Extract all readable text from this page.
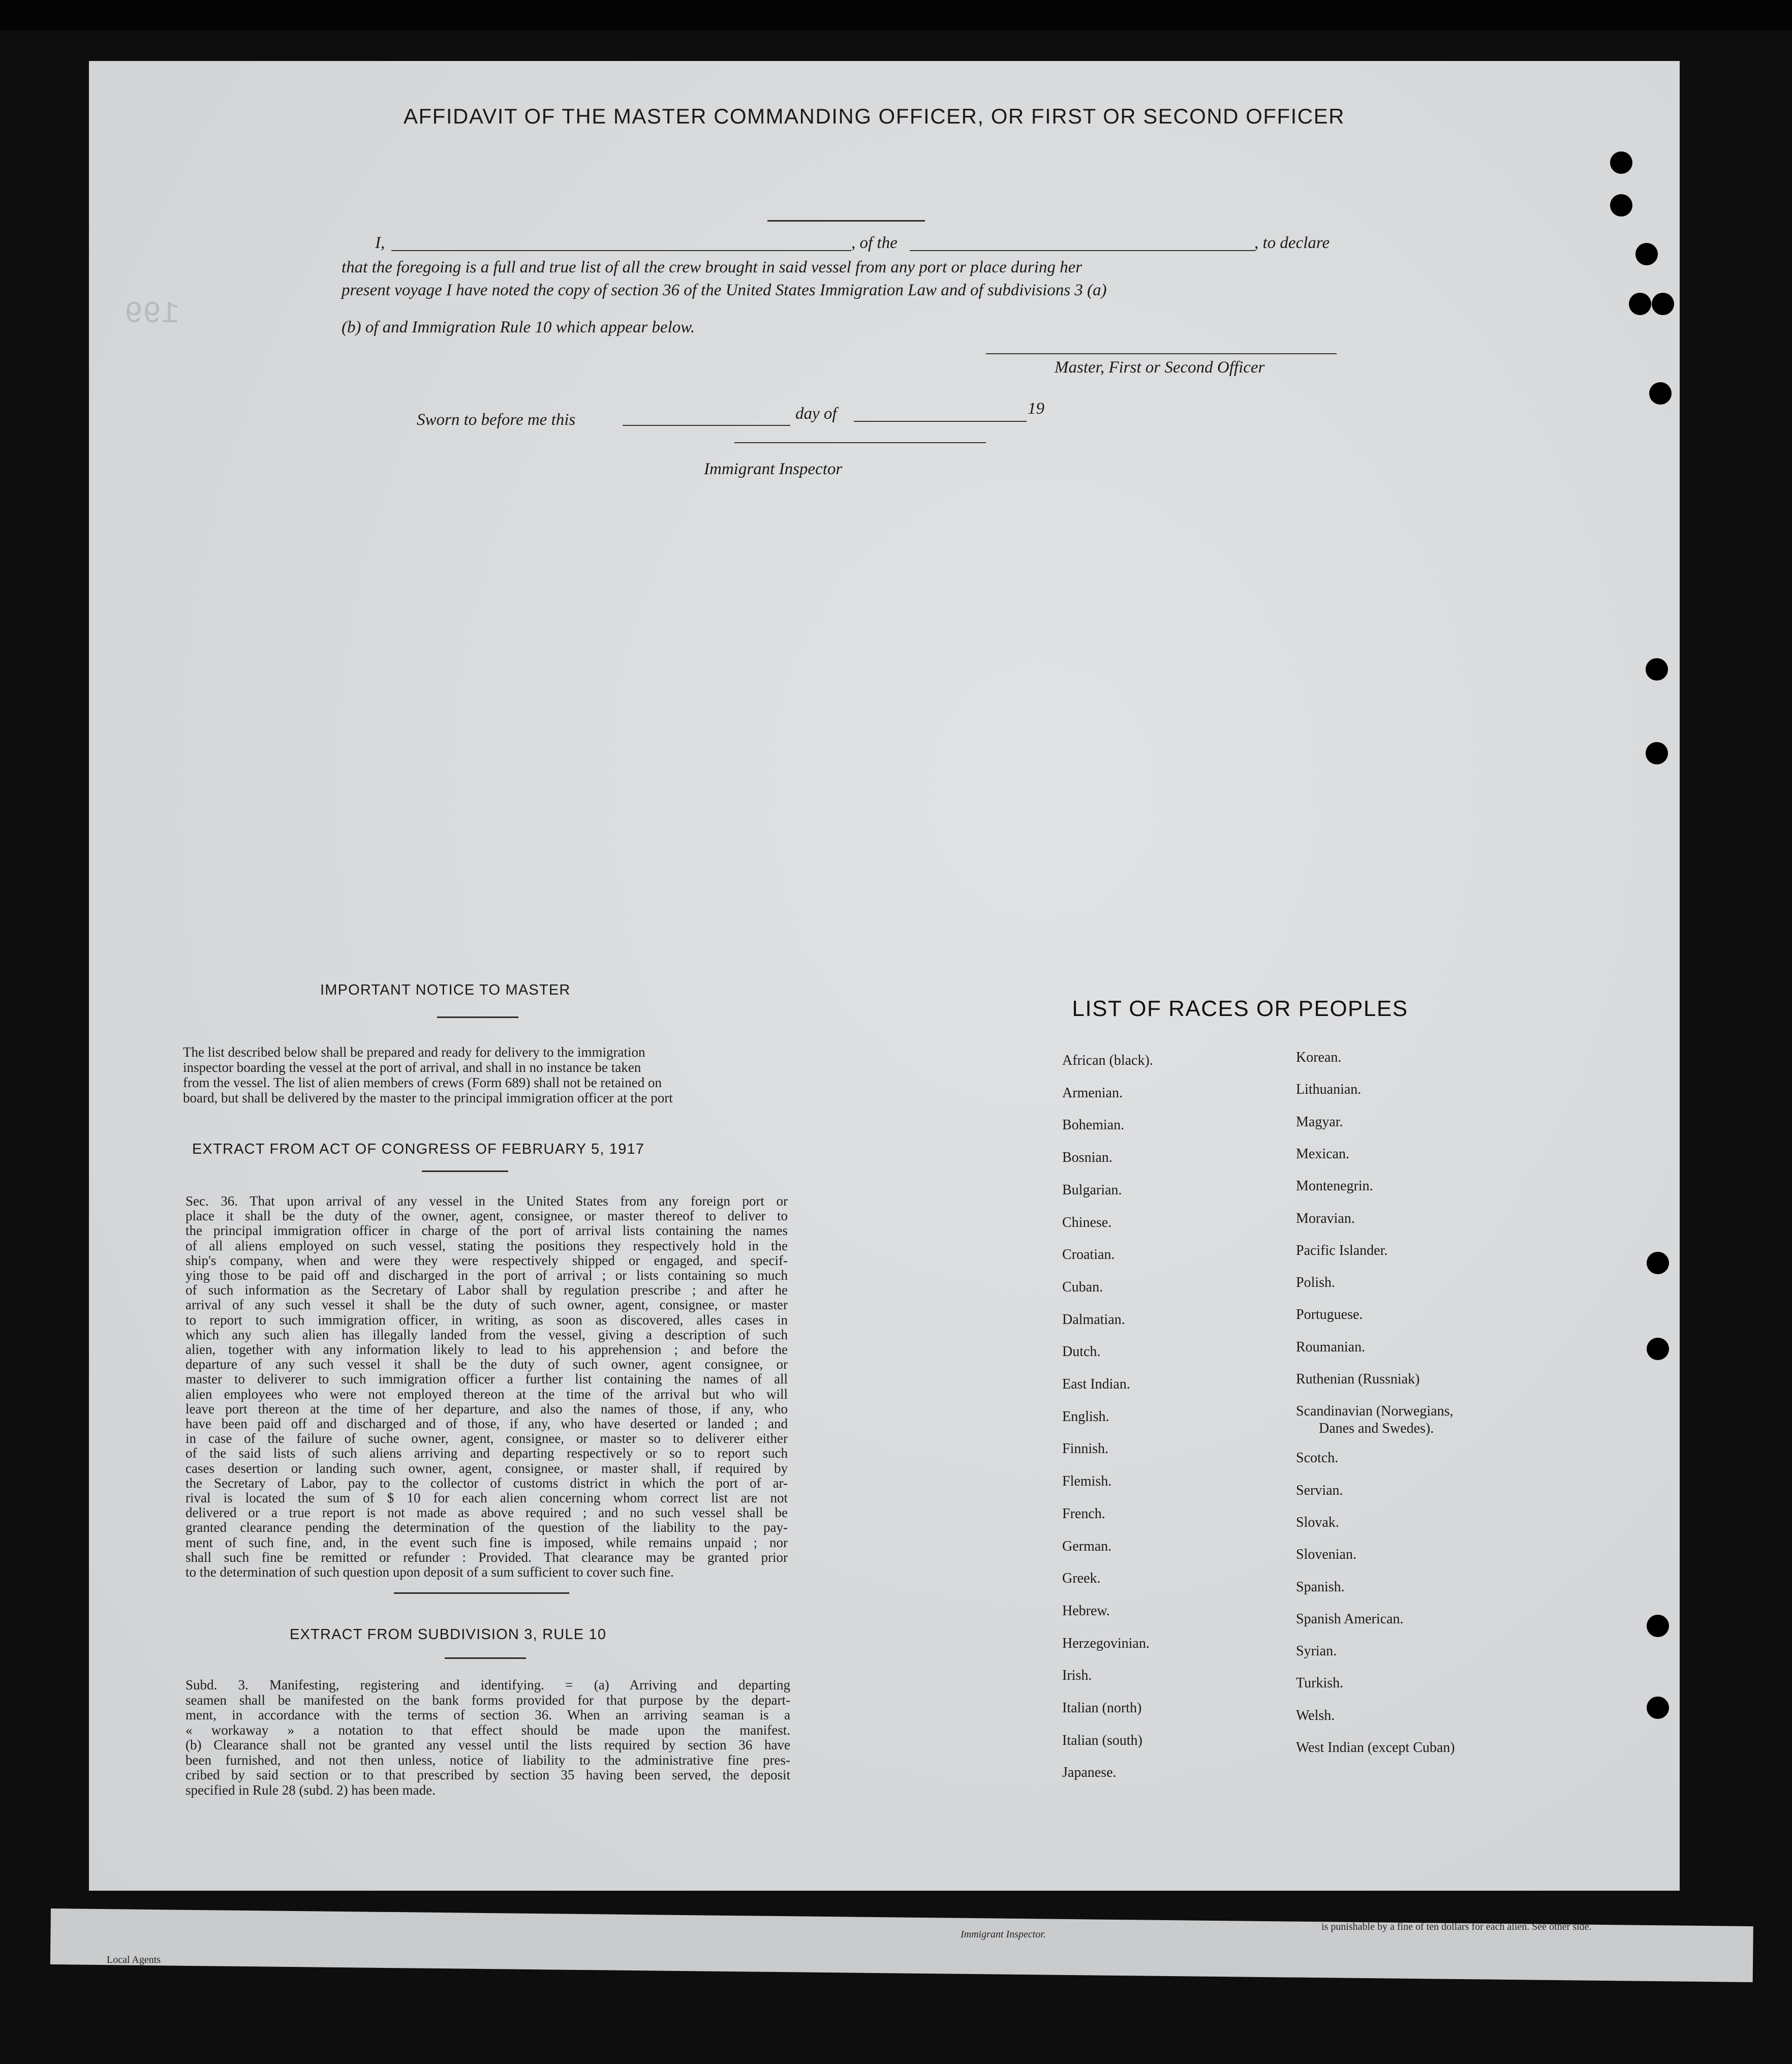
199
AFFIDAVIT OF THE MASTER COMMANDING OFFICER, OR FIRST OR SECOND OFFICER
I,	, of the	, to declare
that the foregoing is a full and true list of all the crew brought in said vessel from any port or place during her
present voyage I have noted the copy of section 36 of the United States Immigration Law and of subdivisions 3 (a)
(b) of and Immigration Rule 10 which appear below.
Master, First or Second Officer
Sworn to before me this	day of	19
Immigrant Inspector
IMPORTANT NOTICE TO MASTER
The list described below shall be prepared and ready for delivery to the immigration
inspector boarding the vessel at the port of arrival, and shall in no instance be taken
from the vessel. The list of alien members of crews (Form 689) shall not be retained on
board, but shall be delivered by the master to the principal immigration officer at the port
EXTRACT FROM ACT OF CONGRESS OF FEBRUARY 5, 1917
Sec. 36. That upon arrival of any vessel in the United States from any foreign port or
place it shall be the duty of the owner, agent, consignee, or master thereof to deliver to
the principal immigration officer in charge of the port of arrival lists containing the names
of all aliens employed on such vessel, stating the positions they respectively hold in the
ship's company, when and were they were respectively shipped or engaged, and specif-
ying those to be paid off and discharged in the port of arrival ; or lists containing so much
of such information as the Secretary of Labor shall by regulation prescribe ; and after he
arrival of any such vessel it shall be the duty of such owner, agent, consignee, or master
to report to such immigration officer, in writing, as soon as discovered, alles cases in
which any such alien has illegally landed from the vessel, giving a description of such
alien, together with any information likely to lead to his apprehension ; and before the
departure of any such vessel it shall be the duty of such owner, agent consignee, or
master to deliverer to such immigration officer a further list containing the names of all
alien employees who were not employed thereon at the time of the arrival but who will
leave port thereon at the time of her departure, and also the names of those, if any, who
have been paid off and discharged and of those, if any, who have deserted or landed ; and
in case of the failure of suche owner, agent, consignee, or master so to deliverer either
of the said lists of such aliens arriving and departing respectively or so to report such
cases desertion or landing such owner, agent, consignee, or master shall, if required by
the Secretary of Labor, pay to the collector of customs district in which the port of ar-
rival is located the sum of $ 10 for each alien concerning whom correct list are not
delivered or a true report is not made as above required ; and no such vessel shall be
granted clearance pending the determination of the question of the liability to the pay-
ment of such fine, and, in the event such fine is imposed, while remains unpaid ; nor
shall such fine be remitted or refunder : Provided. That clearance may be granted prior
to the determination of such question upon deposit of a sum sufficient to cover such fine.
EXTRACT FROM SUBDIVISION 3, RULE 10
Subd. 3. Manifesting, registering and identifying. = (a) Arriving and departing
seamen shall be manifested on the bank forms provided for that purpose by the depart-
ment, in accordance with the terms of section 36. When an arriving seaman is a
« workaway » a notation to that effect should be made upon the manifest.
(b) Clearance shall not be granted any vessel until the lists required by section 36 have
been furnished, and not then unless, notice of liability to the administrative fine pres-
cribed by said section or to that prescribed by section 35 having been served, the deposit
specified in Rule 28 (subd. 2) has been made.
LIST OF RACES OR PEOPLES
African (black).
Armenian.
Bohemian.
Bosnian.
Bulgarian.
Chinese.
Croatian.
Cuban.
Dalmatian.
Dutch.
East Indian.
English.
Finnish.
Flemish.
French.
German.
Greek.
Hebrew.
Herzegovinian.
Irish.
Italian (north)
Italian (south)
Japanese.
Korean.
Lithuanian.
Magyar.
Mexican.
Montenegrin.
Moravian.
Pacific Islander.
Polish.
Portuguese.
Roumanian.
Ruthenian (Russniak)
Scandinavian (Norwegians,
Danes and Swedes).
Scotch.
Servian.
Slovak.
Slovenian.
Spanish.
Spanish American.
Syrian.
Turkish.
Welsh.
West Indian (except Cuban)
Local Agents
Immigrant Inspector.
is punishable by a fine of ten dollars for each alien. See other side.
